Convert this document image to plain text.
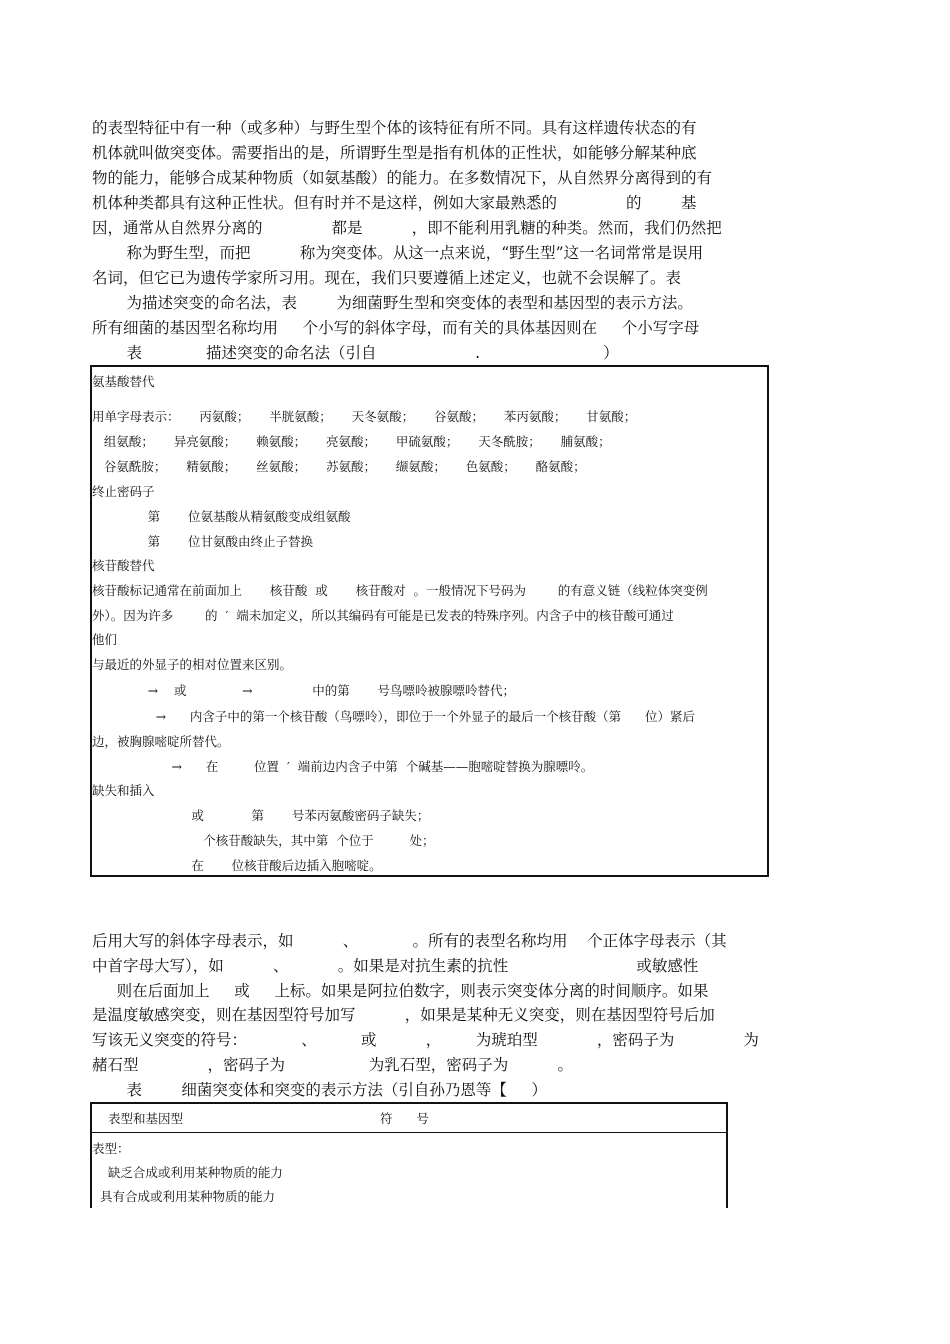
的表型特征中有一种（或多种）与野生型个体的该特征有所不同。具有这样遗传状态的有

机体就叫做突变体。需要指出的是，所谓野生型是指有机体的正性状，如能够分解某种底

物的能力，能够合成某种物质（如氨基酸）的能力。在多数情况下，从自然界分离得到的有

机体种类都具有这种正性状。但有时并不是这样，例如大家最熟悉的              的        基

因，通常从自然界分离的              都是          ，即不能利用乳糖的种类。然而，我们仍然把

称为野生型，而把          称为突变体。从这一点来说，“野生型”这一名词常常是误用

名词，但它已为遗传学家所习用。现在，我们只要遵循上述定义，也就不会误解了。表

为描述突变的命名法，表        为细菌野生型和突变体的表型和基因型的表示方法。

所有细菌的基因型名称均用     个小写的斜体字母，而有关的具体基因则在     个小写字母

表             描述突变的命名法（引自                    .                         ）

氨基酸替代

用单字母表示：     丙氨酸；     半胱氨酸；     天冬氨酸；     谷氨酸；     苯丙氨酸；     甘氨酸；

组氨酸；     异亮氨酸；     赖氨酸；     亮氨酸；     甲硫氨酸；     天冬酰胺；     脯氨酸；

谷氨酰胺；     精氨酸；     丝氨酸；     苏氨酸；     缬氨酸；     色氨酸；     酪氨酸；

终止密码子

第       位氨基酸从精氨酸变成组氨酸

第       位甘氨酸由终止子替换

核苷酸替代

核苷酸标记通常在前面加上       核苷酸  或       核苷酸对  。一般情况下号码为        的有意义链（线粒体突变例

外）。因为许多        的  ′  端未加定义，所以其编码有可能是已发表的特殊序列。内含子中的核苷酸可通过

他们

与最近的外显子的相对位置来区别。

→    或              →               中的第       号鸟嘌呤被腺嘌呤替代；

→      内含子中的第一个核苷酸（鸟嘌呤），即位于一个外显子的最后一个核苷酸（第      位）紧后

边，被胸腺嘧啶所替代。

→      在         位置  ′  端前边内含子中第  个碱基——胞嘧啶替换为腺嘌呤。

缺失和插入

或            第       号苯丙氨酸密码子缺失；

个核苷酸缺失，其中第  个位于         处；

在       位核苷酸后边插入胞嘧啶。

后用大写的斜体字母表示，如          、           。所有的表型名称均用    个正体字母表示（其

中首字母大写），如          、          。如果是对抗生素的抗性                          或敏感性

则在后面加上     或     上标。如果是阿拉伯数字，则表示突变体分离的时间顺序。如果

是温度敏感突变，则在基因型符号加写          ，如果是某种无义突变，则在基因型符号后加

写该无义突变的符号：           、         或          ，       为琥珀型            ，密码子为              为

赭石型              ，密码子为                 为乳石型，密码子为          。

表        细菌突变体和突变的表示方法（引自孙乃恩等【     ）

表型和基因型	符      号

表型：

缺乏合成或利用某种物质的能力

具有合成或利用某种物质的能力
